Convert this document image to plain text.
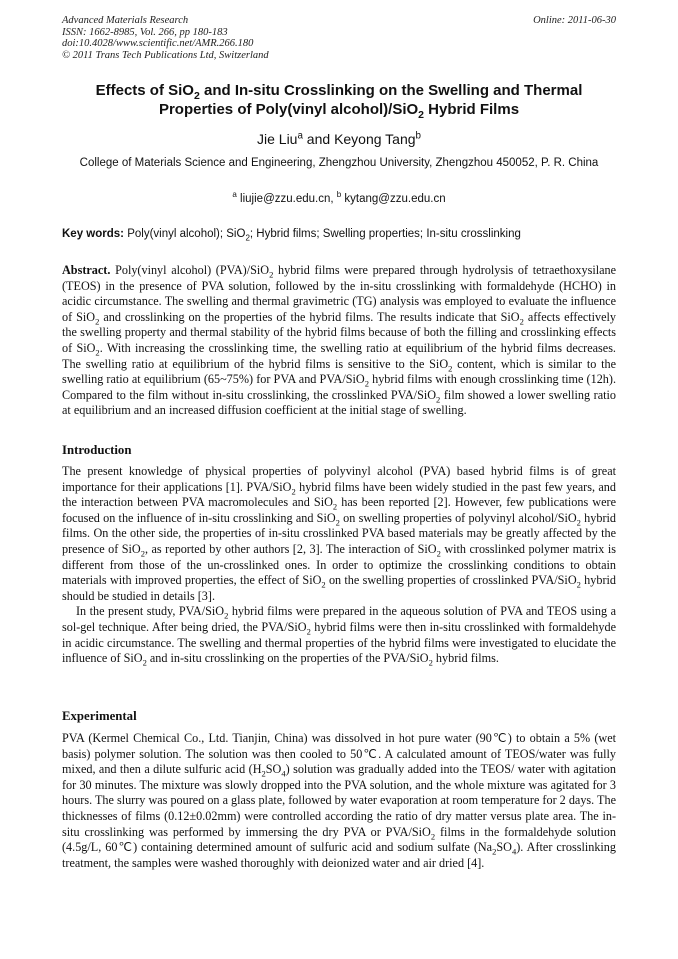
Advanced Materials Research
ISSN: 1662-8985, Vol. 266, pp 180-183
doi:10.4028/www.scientific.net/AMR.266.180
© 2011 Trans Tech Publications Ltd, Switzerland
Online: 2011-06-30
Effects of SiO$_2$ and In-situ Crosslinking on the Swelling and Thermal
Properties of Poly(vinyl alcohol)/SiO$_2$ Hybrid Films
Jie Liu$^a$ and Keyong Tang$^b$
College of Materials Science and Engineering, Zhengzhou University, Zhengzhou 450052, P. R. China
$^a$ liujie@zzu.edu.cn, $^b$ kytang@zzu.edu.cn
Key words: Poly(vinyl alcohol); SiO$_2$; Hybrid films; Swelling properties; In-situ crosslinking
Abstract. Poly(vinyl alcohol) (PVA)/SiO$_2$ hybrid films were prepared through hydrolysis of tetraethoxysilane (TEOS) in the presence of PVA solution, followed by the in-situ crosslinking with formaldehyde (HCHO) in acidic circumstance. The swelling and thermal gravimetric (TG) analysis was employed to evaluate the influence of SiO$_2$ and crosslinking on the properties of the hybrid films. The results indicate that SiO$_2$ affects effectively the swelling property and thermal stability of the hybrid films because of both the filling and crosslinking effects of SiO$_2$. With increasing the crosslinking time, the swelling ratio at equilibrium of the hybrid films decreases. The swelling ratio at equilibrium of the hybrid films is sensitive to the SiO$_2$ content, which is similar to the swelling ratio at equilibrium (65~75%) for PVA and PVA/SiO$_2$ hybrid films with enough crosslinking time (12h). Compared to the film without in-situ crosslinking, the crosslinked PVA/SiO$_2$ film showed a lower swelling ratio at equilibrium and an increased diffusion coefficient at the initial stage of swelling.
Introduction

The present knowledge of physical properties of polyvinyl alcohol (PVA) based hybrid films is of great importance for their applications [1]. PVA/SiO$_2$ hybrid films have been widely studied in the past few years, and the interaction between PVA macromolecules and SiO$_2$ has been reported [2]. However, few publications were focused on the influence of in-situ crosslinking and SiO$_2$ on swelling properties of polyvinyl alcohol/SiO$_2$ hybrid films. On the other side, the properties of in-situ crosslinked PVA based materials may be greatly affected by the presence of SiO$_2$, as reported by other authors [2, 3]. The interaction of SiO$_2$ with crosslinked polymer matrix is different from those of the un-crosslinked ones. In order to optimize the crosslinking conditions to obtain materials with improved properties, the effect of SiO$_2$ on the swelling properties of crosslinked PVA/SiO$_2$ hybrid should be studied in details [3].

In the present study, PVA/SiO$_2$ hybrid films were prepared in the aqueous solution of PVA and TEOS using a sol-gel technique. After being dried, the PVA/SiO$_2$ hybrid films were then in-situ crosslinked with formaldehyde in acidic circumstance. The swelling and thermal properties of the hybrid films were investigated to elucidate the influence of SiO$_2$ and in-situ crosslinking on the properties of the PVA/SiO$_2$ hybrid films.

Experimental

PVA (Kermel Chemical Co., Ltd. Tianjin, China) was dissolved in hot pure water (90℃) to obtain a 5% (wet basis) polymer solution. The solution was then cooled to 50℃. A calculated amount of TEOS/water was fully mixed, and then a dilute sulfuric acid $(H_2SO_4)$ solution was gradually added into the TEOS/ water with agitation for 30 minutes. The mixture was slowly dropped into the PVA solution, and the whole mixture was agitated for 3 hours. The slurry was poured on a glass plate, followed by water evaporation at room temperature for 2 days. The thicknesses of films (0.12±0.02mm) were controlled according the ratio of dry matter versus plate area. The in-situ crosslinking was performed by immersing the dry PVA or PVA/SiO$_2$ films in the formaldehyde solution (4.5g/L, 60℃) containing determined amount of sulfuric acid and sodium sulfate $(Na_2SO_4)$. After crosslinking treatment, the samples were washed thoroughly with deionized water and air dried [4].
